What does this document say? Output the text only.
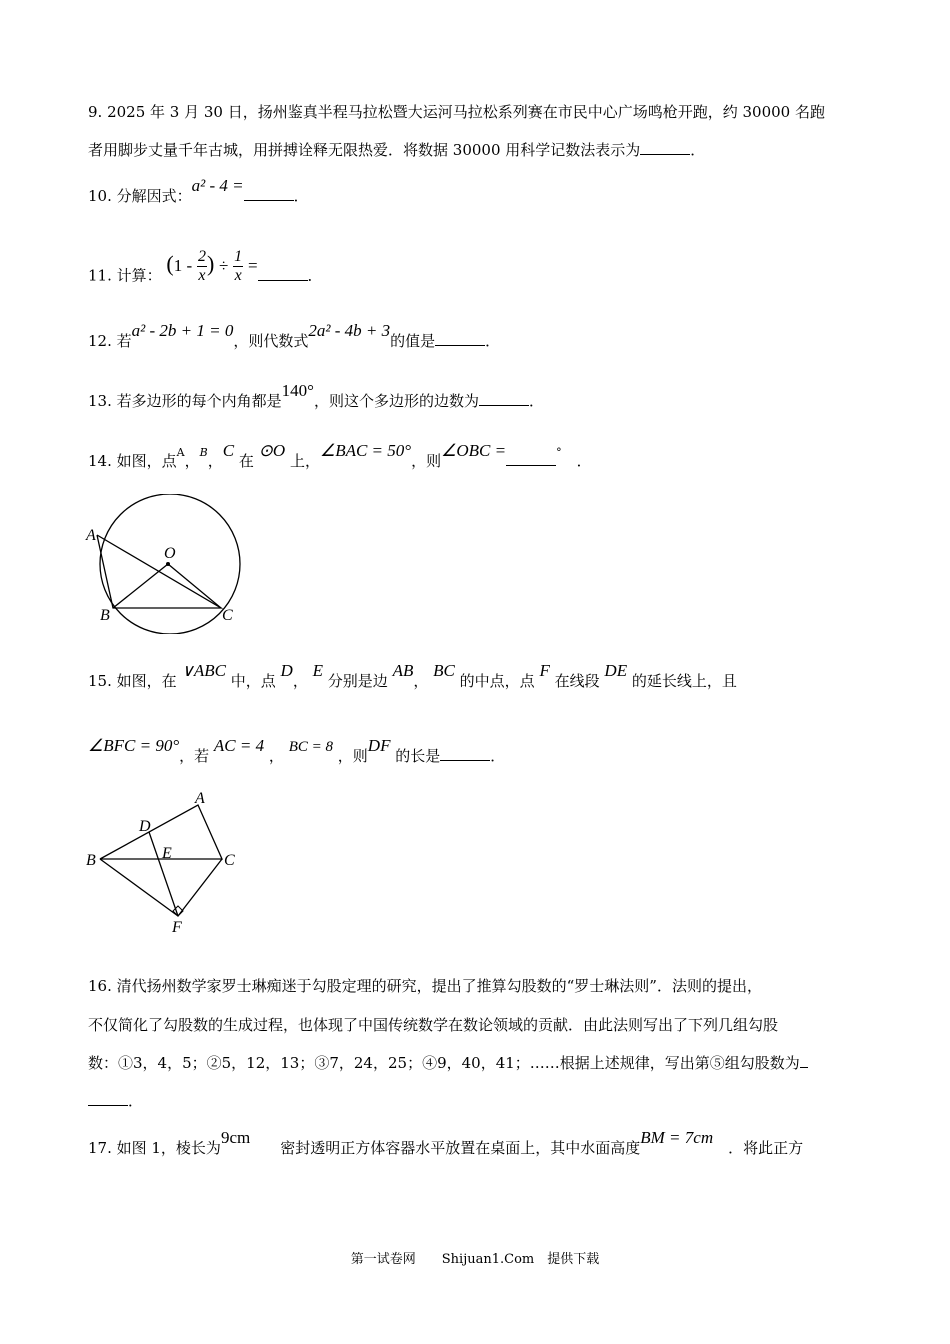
9. 2025 年 3 月 30 日，扬州鉴真半程马拉松暨大运河马拉松系列赛在市民中心广场鸣枪开跑，约 30000 名跑
者用脚步丈量千年古城，用拼搏诠释无限热爱．将数据 30000 用科学记数法表示为	．
10. 分解因式：a² - 4 =．
11. 计算： ($1 - \frac{2}{x}$ ) ÷ $\frac{1}{x}$ =．
12. 若a² - 2b + 1 = 0，则代数式2a² - 4b + 3的值是	．
13. 若多边形的每个内角都是140°，则这个多边形的边数为	．
14. 如图，点$^A$，$^B$，C 在 ⊙O 上，∠BAC = 50°，则∠OBC =	°　 ．
A
B	C
O
15. 如图，在 ∨ABC 中，点 D， E 分别是边 AB， BC 的中点，点 F 在线段 DE 的延长线上，且
∠BFC = 90°，若 AC = 4 ， BC = 8 ，则DF 的长是	．
A
B	C
D
E
F
16. 清代扬州数学家罗士琳痴迷于勾股定理的研究，提出了推算勾股数的“罗士琳法则”．法则的提出，
不仅简化了勾股数的生成过程，也体现了中国传统数学在数论领域的贡献．由此法则写出了下列几组勾股
数：①3，4，5；②5，12，13；③7，24，25；④9，40，41；……根据上述规律，写出第⑤组勾股数为
．
17. 如图 1，棱长为9cm　　密封透明正方体容器水平放置在桌面上，其中水面高度BM = 7cm　．将此正方
第一试卷网　　Shijuan1.Com　提供下载
